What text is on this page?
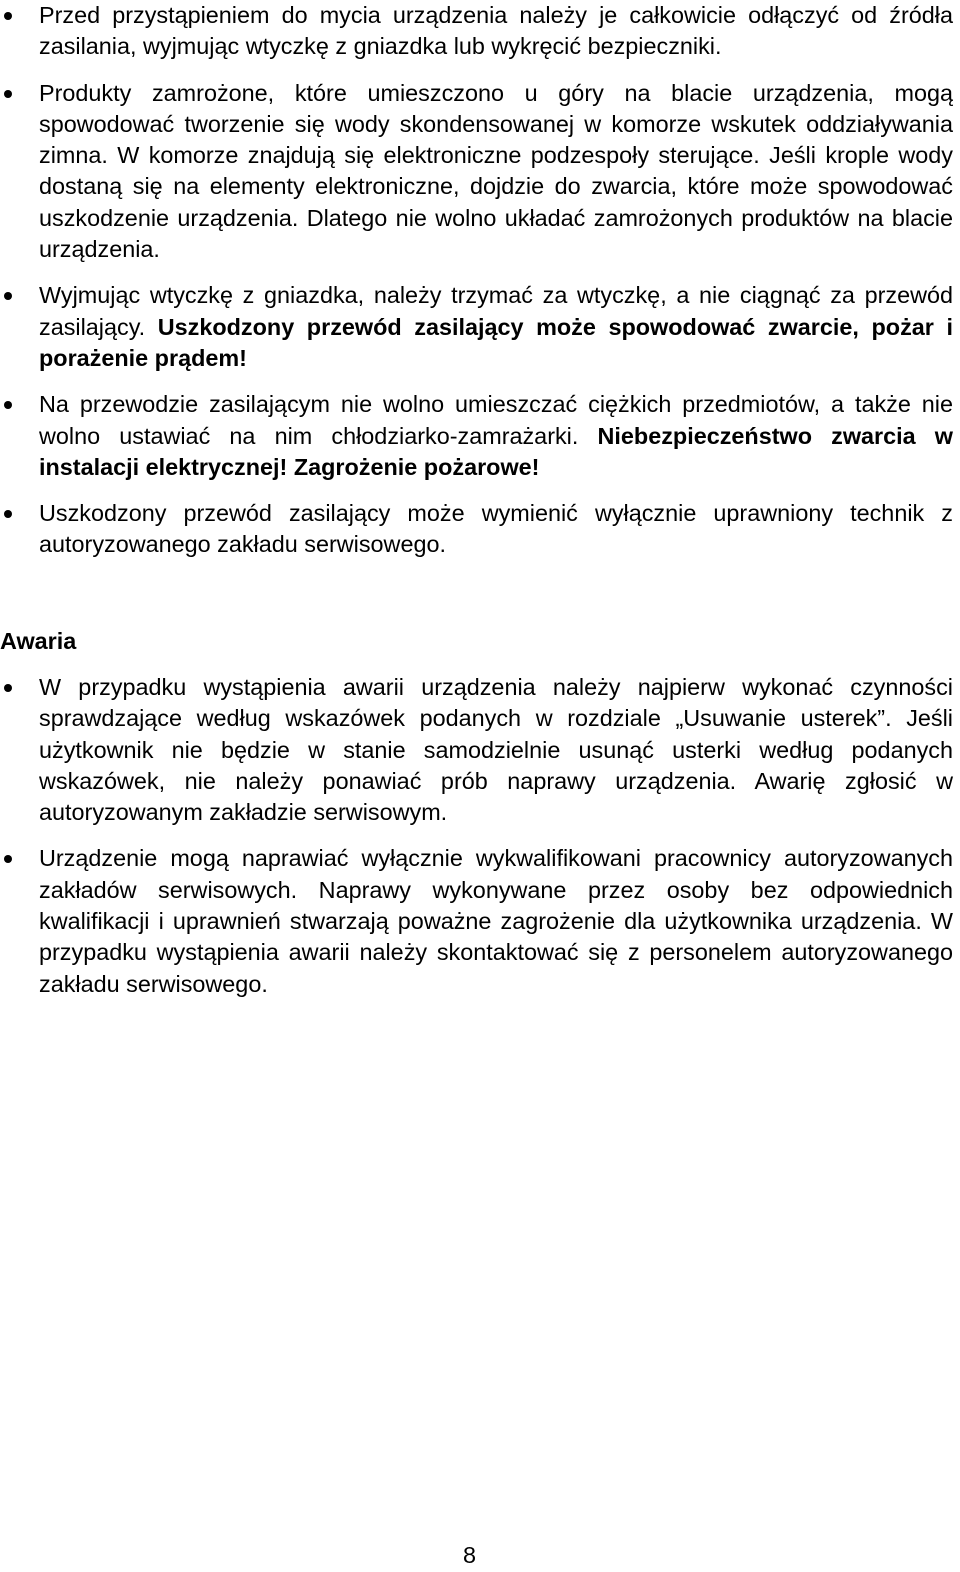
Przed przystąpieniem do mycia urządzenia należy je całkowicie odłączyć od źródła zasilania, wyjmując wtyczkę z gniazdka lub wykręcić bezpieczniki.
Produkty zamrożone, które umieszczono u góry na blacie urządzenia, mogą spowodować tworzenie się wody skondensowanej w komorze wskutek oddziaływania zimna. W komorze znajdują się elektroniczne podzespoły sterujące. Jeśli krople wody dostaną się na elementy elektroniczne, dojdzie do zwarcia, które może spowodować uszkodzenie urządzenia. Dlatego nie wolno układać zamrożonych produktów na blacie urządzenia.
Wyjmując wtyczkę z gniazdka, należy trzymać za wtyczkę, a nie ciągnąć za przewód zasilający. Uszkodzony przewód zasilający może spowodować zwarcie, pożar i porażenie prądem!
Na przewodzie zasilającym nie wolno umieszczać ciężkich przedmiotów, a także nie wolno ustawiać na nim chłodziarko-zamrażarki. Niebezpieczeństwo zwarcia w instalacji elektrycznej! Zagrożenie pożarowe!
Uszkodzony przewód zasilający może wymienić wyłącznie uprawniony technik z autoryzowanego zakładu serwisowego.
Awaria
W przypadku wystąpienia awarii urządzenia należy najpierw wykonać czynności sprawdzające według wskazówek podanych w rozdziale „Usuwanie usterek”. Jeśli użytkownik nie będzie w stanie samodzielnie usunąć usterki według podanych wskazówek, nie należy ponawiać prób naprawy urządzenia. Awarię zgłosić w autoryzowanym zakładzie serwisowym.
Urządzenie mogą naprawiać wyłącznie wykwalifikowani pracownicy autoryzowanych zakładów serwisowych. Naprawy wykonywane przez osoby bez odpowiednich kwalifikacji i uprawnień stwarzają poważne zagrożenie dla użytkownika urządzenia. W przypadku wystąpienia awarii należy skontaktować się z personelem autoryzowanego zakładu serwisowego.
8
